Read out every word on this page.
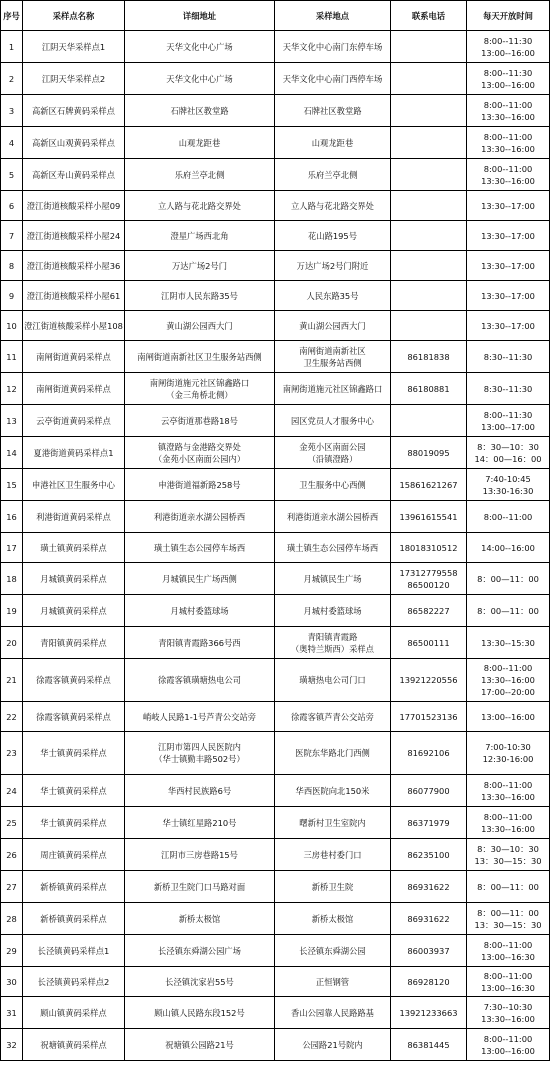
序号	采样点名称	详细地址	采样地点	联系电话	每天开放时间
1	江阴天华采样点1	天华文化中心广场	天华文化中心南门东停车场		8:00--11:30
13:00--16:00

2	江阴天华采样点2	天华文化中心广场	天华文化中心南门西停车场		8:00--11:30
13:00--16:00

3	高新区石牌黄码采样点	石牌社区教堂路	石牌社区教堂路		8:00--11:00
13:30--16:00

4	高新区山观黄码采样点	山观龙距巷	山观龙距巷		8:00--11:00
13:30--16:00

5	高新区寿山黄码采样点	乐府兰亭北侧	乐府兰亭北侧		8:00--11:00
13:30--16:00

6	澄江街道核酸采样小屋09	立人路与花北路交界处	立人路与花北路交界处		13:30--17:00

7	澄江街道核酸采样小屋24	澄星广场西北角	花山路195号		13:30--17:00

8	澄江街道核酸采样小屋36	万达广场2号门	万达广场2号门附近		13:30--17:00

9	澄江街道核酸采样小屋61	江阴市人民东路35号	人民东路35号		13:30--17:00

10	澄江街道核酸采样小屋108	黄山湖公园西大门	黄山湖公园西大门		13:30--17:00

11	南闸街道黄码采样点	南闸街道南新社区卫生服务站西侧	南闸街道南新社区
卫生服务站西侧	86181838	8:30--11:30

12	南闸街道黄码采样点	南闸街道施元社区锦鑫路口
（金三角桥北侧）	南闸街道施元社区锦鑫路口	86180881	8:30--11:30

13	云亭街道黄码采样点	云亭街道那巷路18号	园区党员人才服务中心		8:00--11:30
13:00--17:00

14	夏港街道黄码采样点1	镇澄路与金港路交界处
（金苑小区南面公园内）	金苑小区南面公园
（沿镇澄路）	88019095	8：30—10：30
14：00—16：00

15	申港社区卫生服务中心	申港街道福新路258号	卫生服务中心西侧	15861621267	7:40-10:45
13:30-16:30

16	利港街道黄码采样点	利港街道亲水湖公园桥西	利港街道亲水湖公园桥西	13961615541	8:00--11:00

17	璜土镇黄码采样点	璜土镇生态公园停车场西	璜土镇生态公园停车场西	18018310512	14:00--16:00

18	月城镇黄码采样点	月城镇民生广场西侧	月城镇民生广场	17312779558
86500120	8：00—11：00

19	月城镇黄码采样点	月城村委篮球场	月城村委篮球场	86582227	8：00—11：00

20	青阳镇黄码采样点	青阳镇青霞路366号西	青阳镇青霞路
（奥特兰斯西）采样点	86500111	13:30--15:30

21	徐霞客镇黄码采样点	徐霞客镇璜塘热电公司	璜塘热电公司门口	13921220556	8:00--11:00
13:30--16:00
17:00--20:00

22	徐霞客镇黄码采样点	峭岐人民路1-1号芦青公交站旁	徐霞客镇芦青公交站旁	17701523136	13:00--16:00

23	华士镇黄码采样点	江阴市第四人民医院内
（华士镇勤丰路502号）	医院东华路北门西侧	81692106	7:00-10:30
12:30-16:00

24	华士镇黄码采样点	华西村民族路6号	华西医院向北150米	86077900	8:00--11:00
13:30--16:00

25	华士镇黄码采样点	华士镇红星路210号	曙新村卫生室院内	86371979	8:00--11:00
13:30--16:00

26	周庄镇黄码采样点	江阴市三房巷路15号	三房巷村委门口	86235100	8：30—10：30
13：30—15：30

27	新桥镇黄码采样点	新桥卫生院门口马路对面	新桥卫生院	86931622	8：00—11：00

28	新桥镇黄码采样点	新桥太极馆	新桥太极馆	86931622	8：00—11：00
13：30—15：30

29	长泾镇黄码采样点1	长泾镇东舜湖公园广场	长泾镇东舜湖公园	86003937	8:00--11:00
13:00--16:30

30	长泾镇黄码采样点2	长泾镇沈家岩55号	正恒钢管	86928120	8:00--11:00
13:00--16:30

31	顾山镇黄码采样点	顾山镇人民路东段152号	香山公园靠人民路路基	13921233663	7:30--10:30
13:30--16:00

32	祝塘镇黄码采样点	祝塘镇公园路21号	公园路21号院内	86381445	8:00--11:00
13:00--16:00
